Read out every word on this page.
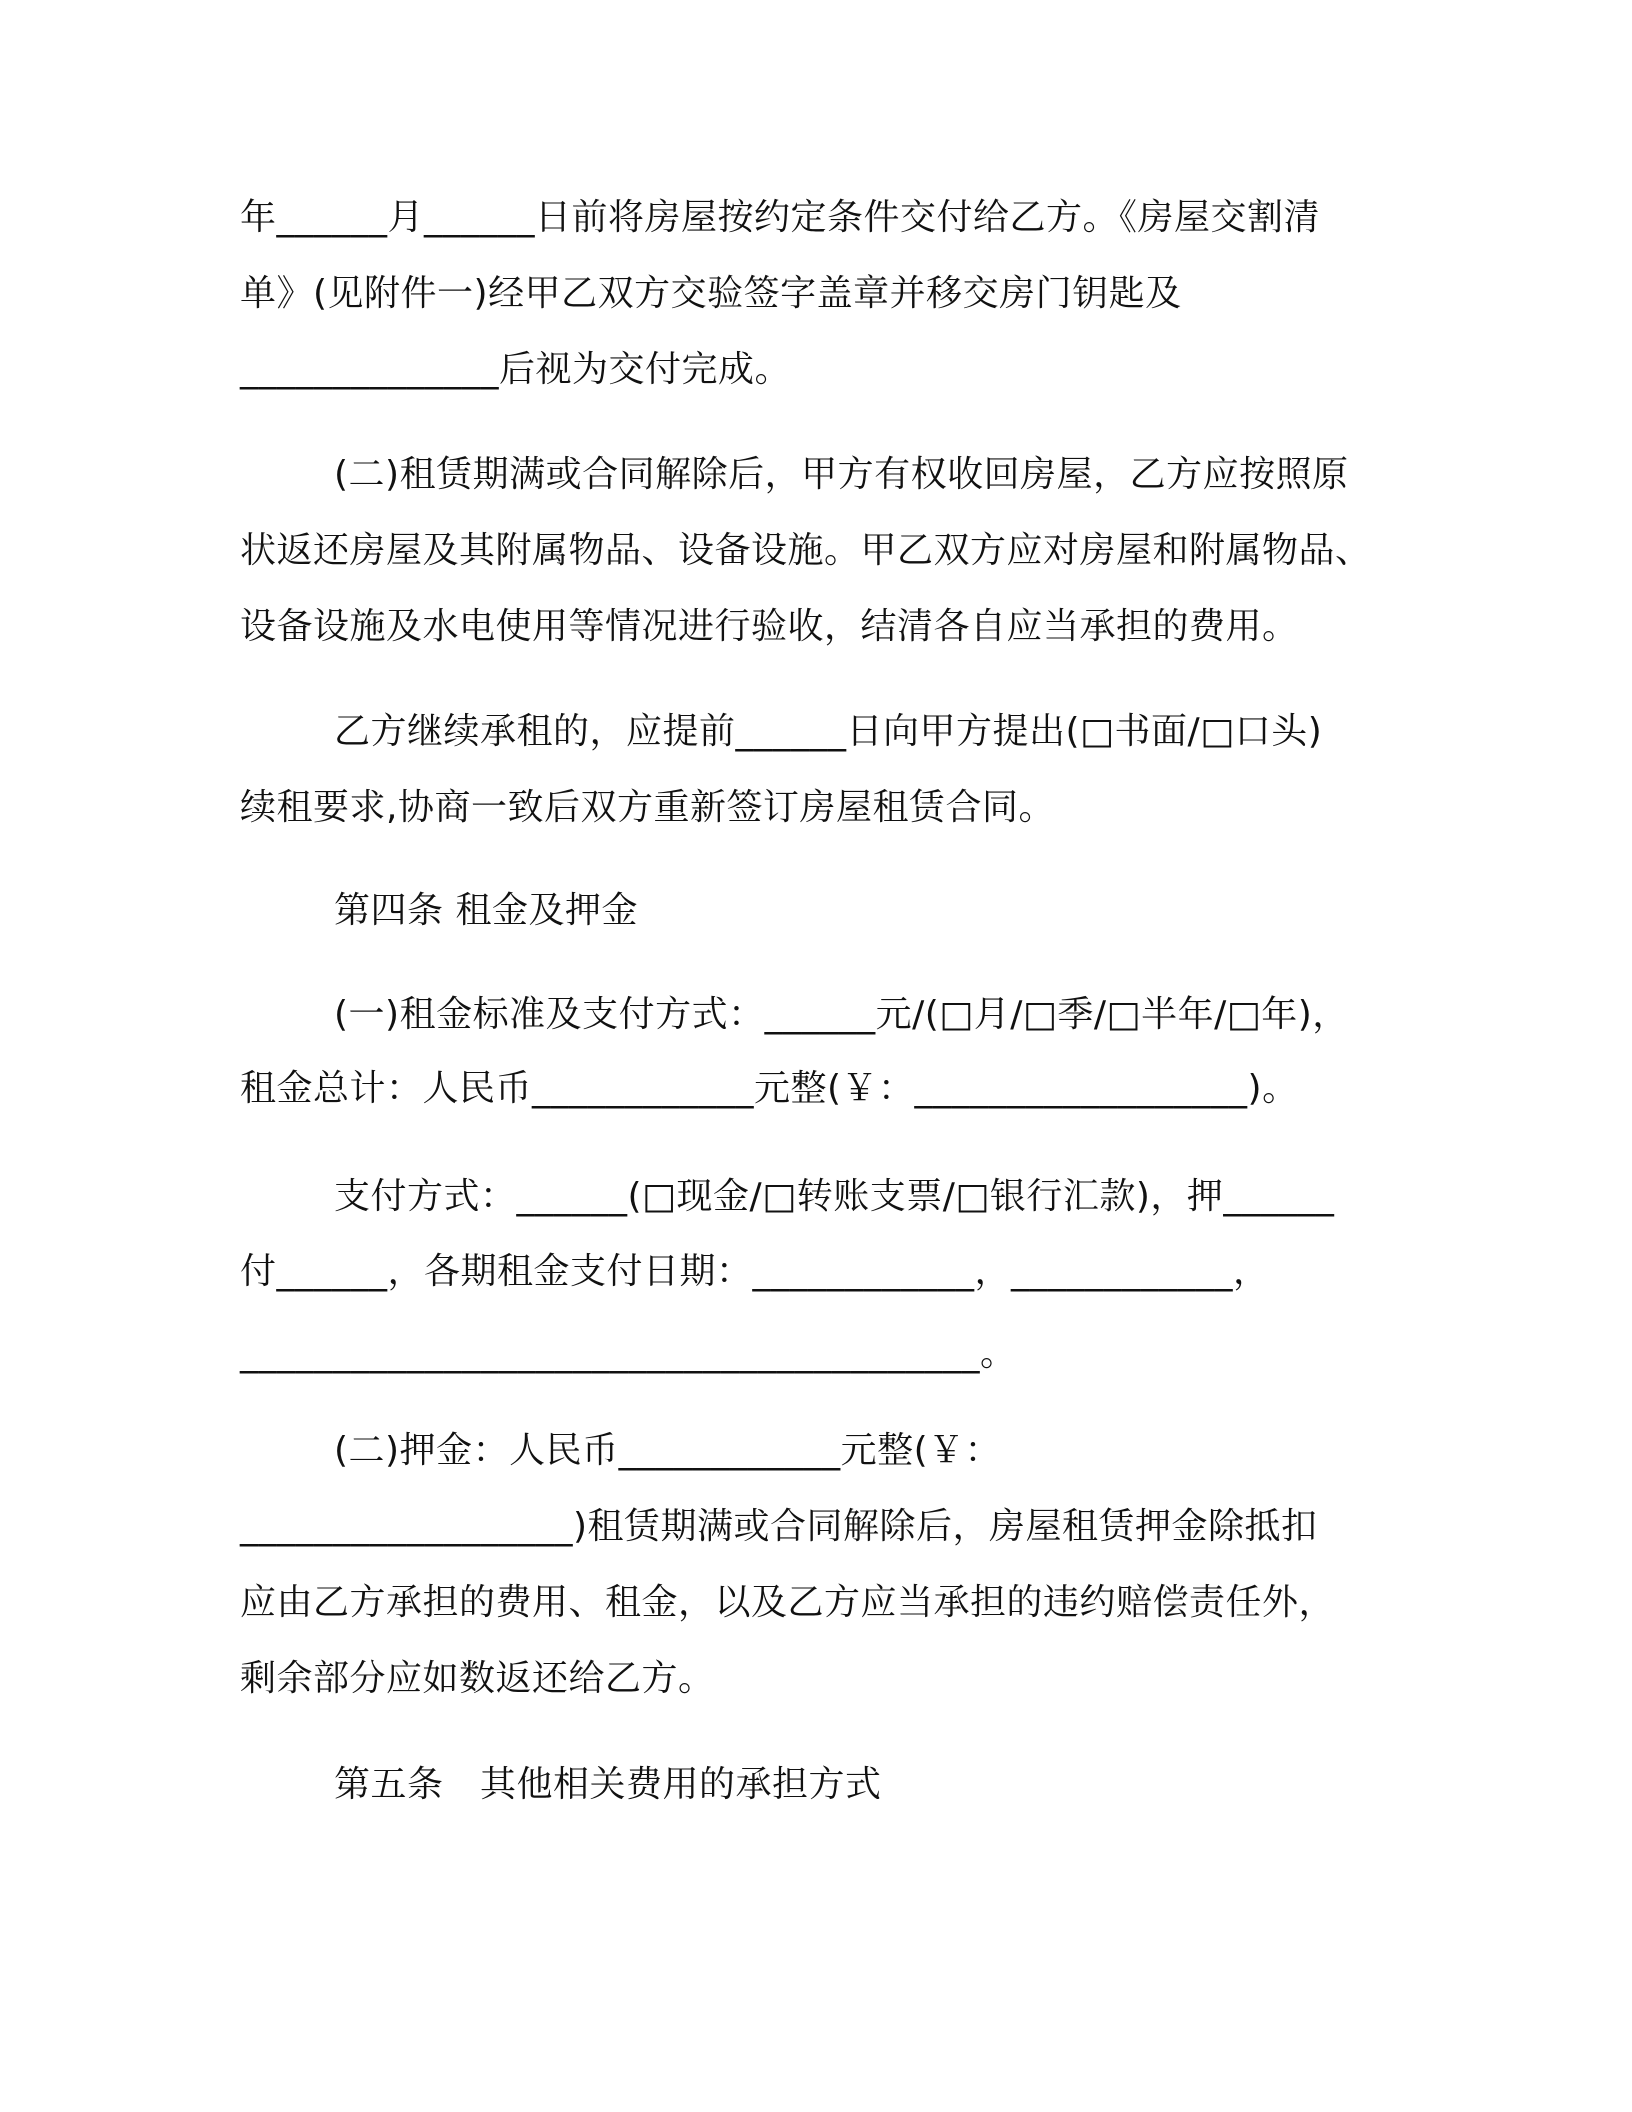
年______月______日前将房屋按约定条件交付给乙方。《房屋交割清
单》(见附件一)经甲乙双方交验签字盖章并移交房门钥匙及
______________后视为交付完成。
(二)租赁期满或合同解除后，甲方有权收回房屋，乙方应按照原
状返还房屋及其附属物品、设备设施。甲乙双方应对房屋和附属物品、
设备设施及水电使用等情况进行验收，结清各自应当承担的费用。
乙方继续承租的，应提前______日向甲方提出(□书面/□口头)
续租要求,协商一致后双方重新签订房屋租赁合同。
第四条 租金及押金
(一)租金标准及支付方式：______元/(□月/□季/□半年/□年)，
租金总计：人民币____________元整(￥：__________________)。
支付方式：______(□现金/□转账支票/□银行汇款)，押______
付______，各期租金支付日期：____________，____________，
________________________________________。
(二)押金：人民币____________元整(￥：
__________________)租赁期满或合同解除后，房屋租赁押金除抵扣
应由乙方承担的费用、租金，以及乙方应当承担的违约赔偿责任外，
剩余部分应如数返还给乙方。
第五条　其他相关费用的承担方式
